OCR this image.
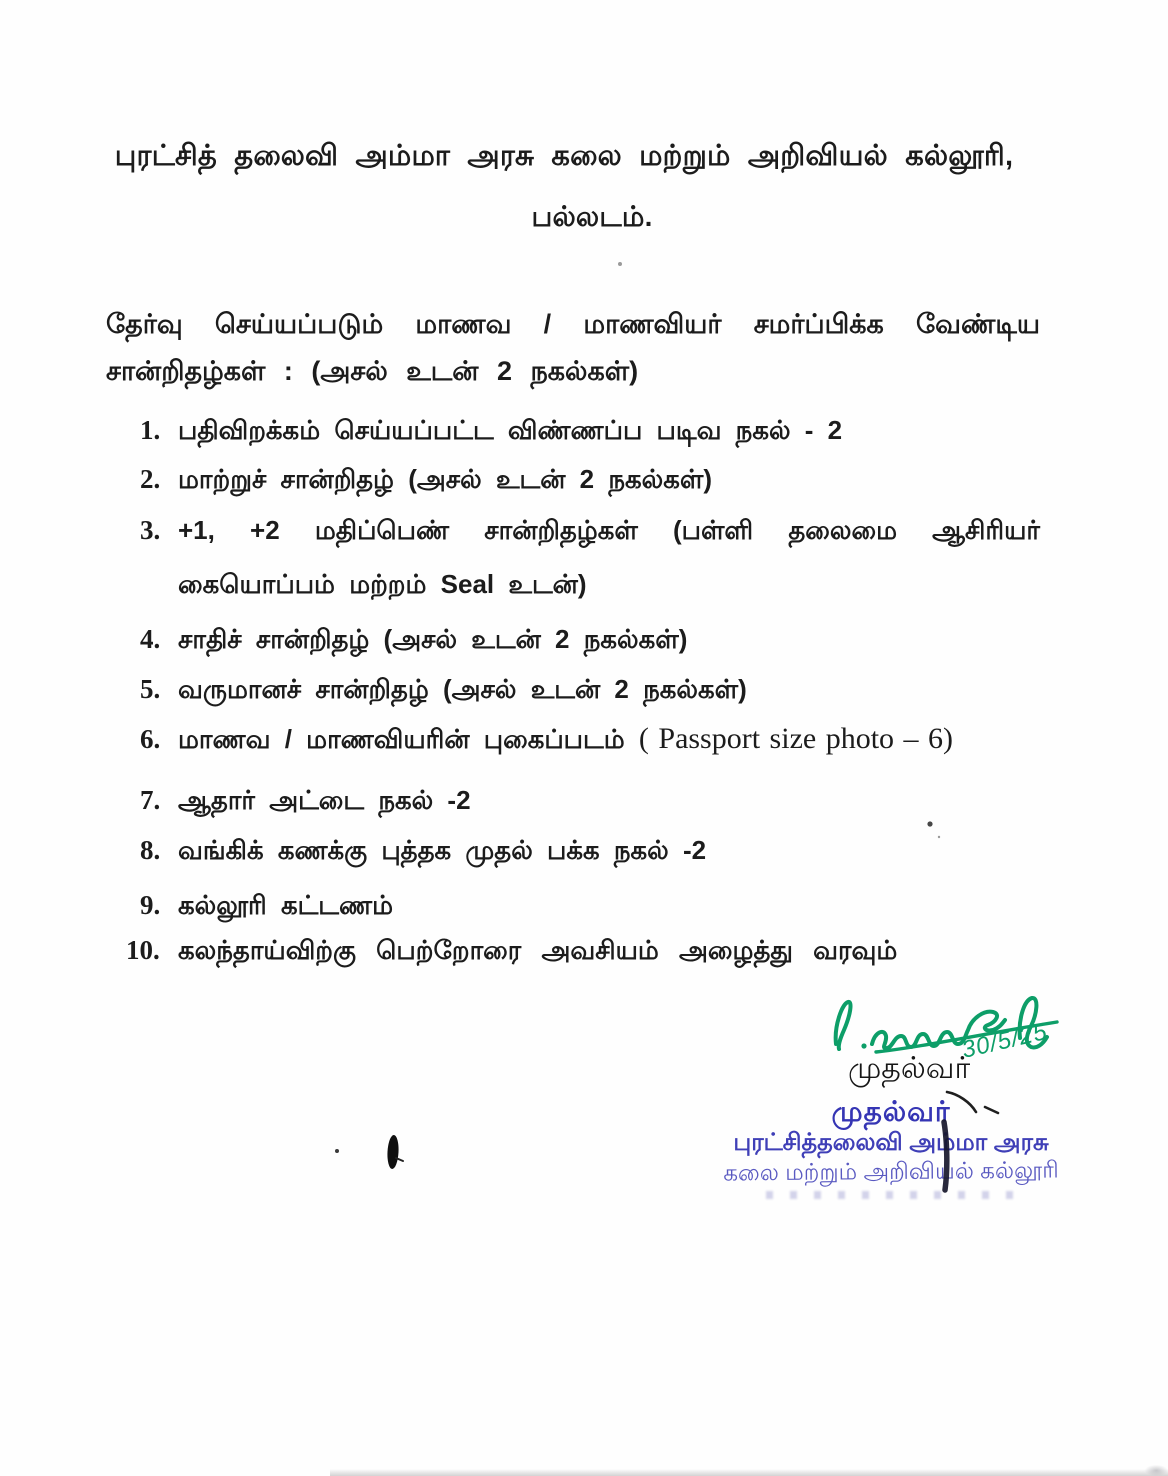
புரட்சித் தலைவி அம்மா அரசு கலை மற்றும் அறிவியல் கல்லூரி,
பல்லடம்.
தேர்வு செய்யப்படும் மாணவ / மாணவியர் சமர்ப்பிக்க வேண்டிய
சான்றிதழ்கள் : (அசல் உடன் 2 நகல்கள்)
1. பதிவிறக்கம் செய்யப்பட்ட விண்ணப்ப படிவ நகல் - 2
2. மாற்றுச் சான்றிதழ் (அசல் உடன் 2 நகல்கள்)
3. +1, +2 மதிப்பெண் சான்றிதழ்கள் (பள்ளி தலைமை ஆசிரியர்
கையொப்பம் மற்றம் Seal உடன்)
4. சாதிச் சான்றிதழ் (அசல் உடன் 2 நகல்கள்)
5. வருமானச் சான்றிதழ் (அசல் உடன் 2 நகல்கள்)
6. மாணவ / மாணவியரின் புகைப்படம் ( Passport size photo – 6)
7. ஆதார் அட்டை நகல் -2
8. வங்கிக் கணக்கு புத்தக முதல் பக்க நகல் -2
9. கல்லூரி கட்டணம்
10. கலந்தாய்விற்கு பெற்றோரை அவசியம் அழைத்து வரவும்
30/5/25
முதல்வர்
முதல்வர்
புரட்சித்தலைவி அம்மா அரசு
கலை மற்றும் அறிவியல் கல்லூரி
